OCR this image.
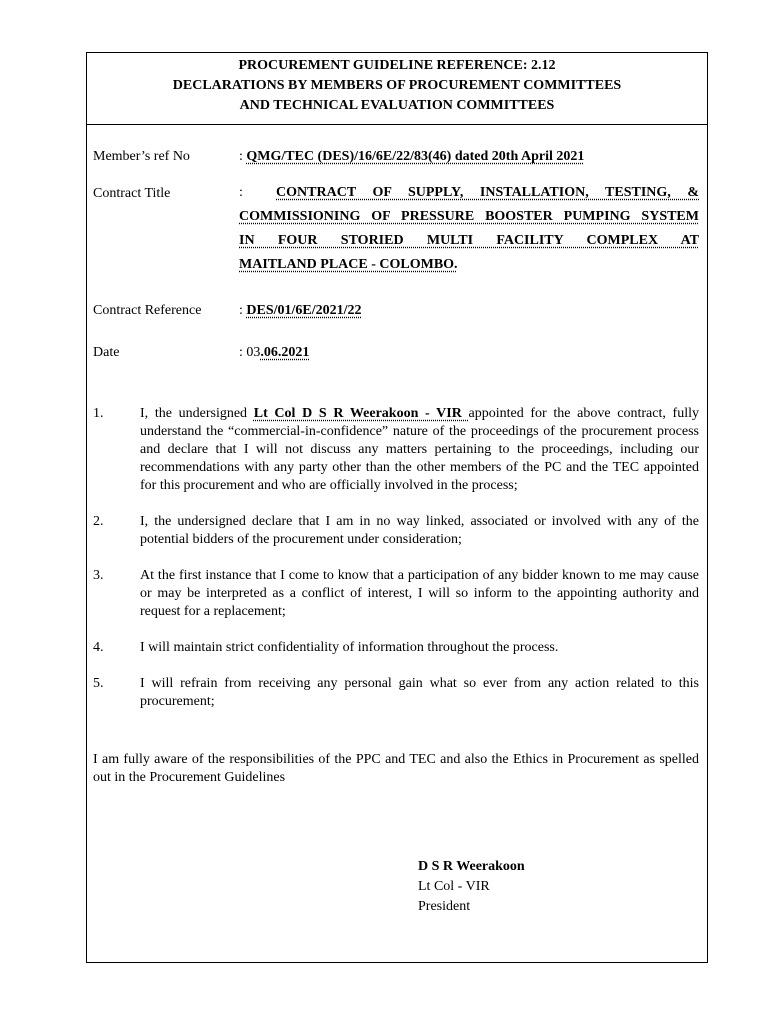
PROCUREMENT GUIDELINE REFERENCE: 2.12
DECLARATIONS BY MEMBERS OF PROCUREMENT COMMITTEES
AND TECHNICAL EVALUATION COMMITTEES
Member’s ref No	: QMG/TEC (DES)/16/6E/22/83(46) dated 20th April 2021
Contract Title	: CONTRACT OF SUPPLY, INSTALLATION, TESTING, &
COMMISSIONING OF PRESSURE BOOSTER PUMPING SYSTEM
IN FOUR STORIED MULTI FACILITY COMPLEX AT
MAITLAND PLACE - COLOMBO.
Contract Reference	: DES/01/6E/2021/22
Date	: 03.06.2021
1.	I, the undersigned Lt Col D S R Weerakoon - VIR appointed for the above contract, fully understand the “commercial-in-confidence” nature of the proceedings of the procurement process and declare that I will not discuss any matters pertaining to the proceedings, including our recommendations with any party other than the other members of the PC and the TEC appointed for this procurement and who are officially involved in the process;
2.	I, the undersigned declare that I am in no way linked, associated or involved with any of the potential bidders of the procurement under consideration;
3.	At the first instance that I come to know that a participation of any bidder known to me may cause or may be interpreted as a conflict of interest, I will so inform to the appointing authority and request for a replacement;
4.	I will maintain strict confidentiality of information throughout the process.
5.	I will refrain from receiving any personal gain what so ever from any action related to this procurement;
I am fully aware of the responsibilities of the PPC and TEC and also the Ethics in Procurement as spelled out in the Procurement Guidelines
D S R Weerakoon
Lt Col - VIR
President
